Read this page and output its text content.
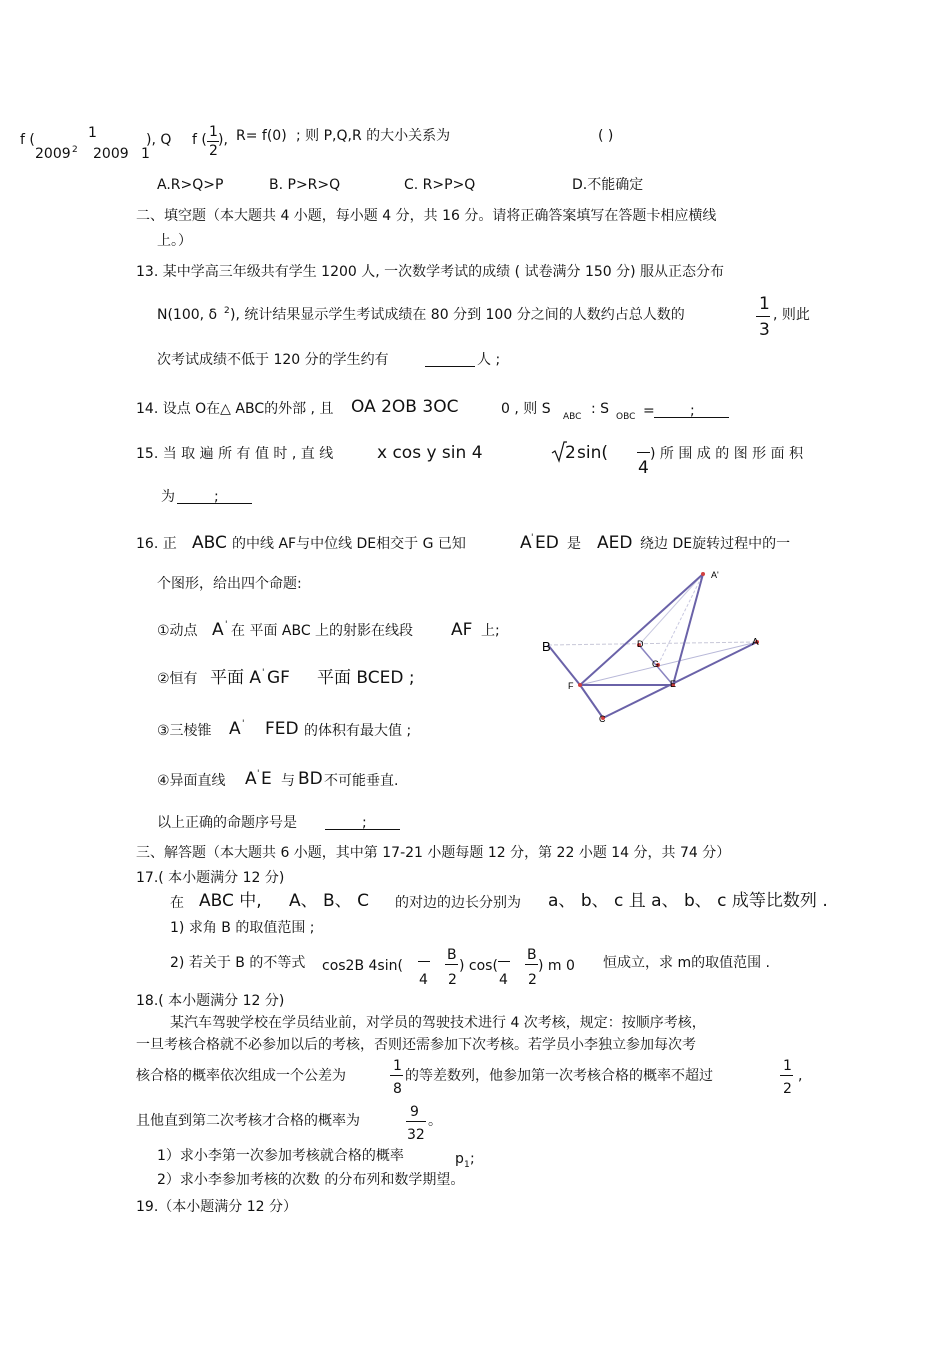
f (	1
2009 2 2009 1
), Q f ( 1
2
), R= f(0) ; 则 P,Q,R 的大小关系为	( )
A.R>Q>P	B. P>R>Q	C. R>P>Q	D.不能确定
二、填空题（本大题共 4 小题，每小题 4 分，共 16 分。请将正确答案填写在答题卡相应横线
上。）
13. 某中学高三年级共有学生 1200 人, 一次数学考试的成绩 ( 试卷满分 150 分) 服从正态分布
N(100, δ 2 ), 统计结果显示学生考试成绩在 80 分到 100 分之间的人数约占总人数的
1
3
, 则此
次考试成绩不低于 120 分的学生约有	人 ;
14. 设点 O在△ ABC的外部 , 且 OA 2OB 3OC	0 , 则 S ABC : S OBC =	;
15. 当 取 遍 所 有 值 时 , 直 线	x cos y sin 4	2 sin(
4
) 所 围 成 的 图 形 面 积
为	;
16. 正 ABC 的中线 AF与中位线 DE相交于 G 已知	A ' ED 是 AED 绕边 DE旋转过程中的一
个图形，给出四个命题:
①动点 A ' 在 平面 ABC 上的射影在线段 AF 上;
②恒有 平面 A ' GF 平面 BCED ;
③三棱锥 A ' FED 的体积有最大值 ;
④异面直线 A ' E 与 BD 不可能垂直.
以上正确的命题序号是	;
A'
A
B	D
G
F	E
C
三、解答题（本大题共 6 小题，其中第 17-21 小题每题 12 分，第 22 小题 14 分，共 74 分）
17.( 本小题满分 12 分)
在 ABC 中, A、 B、 C 的对边的边长分别为 a、 b、 c 且 a、 b、 c 成等比数列 .
1) 求角 B 的取值范围 ;
2) 若关于 B 的不等式 cos2B 4sin(
4
B
2
) cos(
4
B
2
) m 0 恒成立，求 m的取值范围 .
18.( 本小题满分 12 分)
某汽车驾驶学校在学员结业前，对学员的驾驶技术进行 4 次考核，规定：按顺序考核，
一旦考核合格就不必参加以后的考核，否则还需参加下次考核。若学员小李独立参加每次考
核合格的概率依次组成一个公差为
1
8
的等差数列，他参加第一次考核合格的概率不超过
1
2
,
且他直到第二次考核才合格的概率为
9
32
。
1）求小李第一次参加考核就合格的概率	p 1 ;
2）求小李参加考核的次数 的分布列和数学期望。
19.（本小题满分 12 分）
